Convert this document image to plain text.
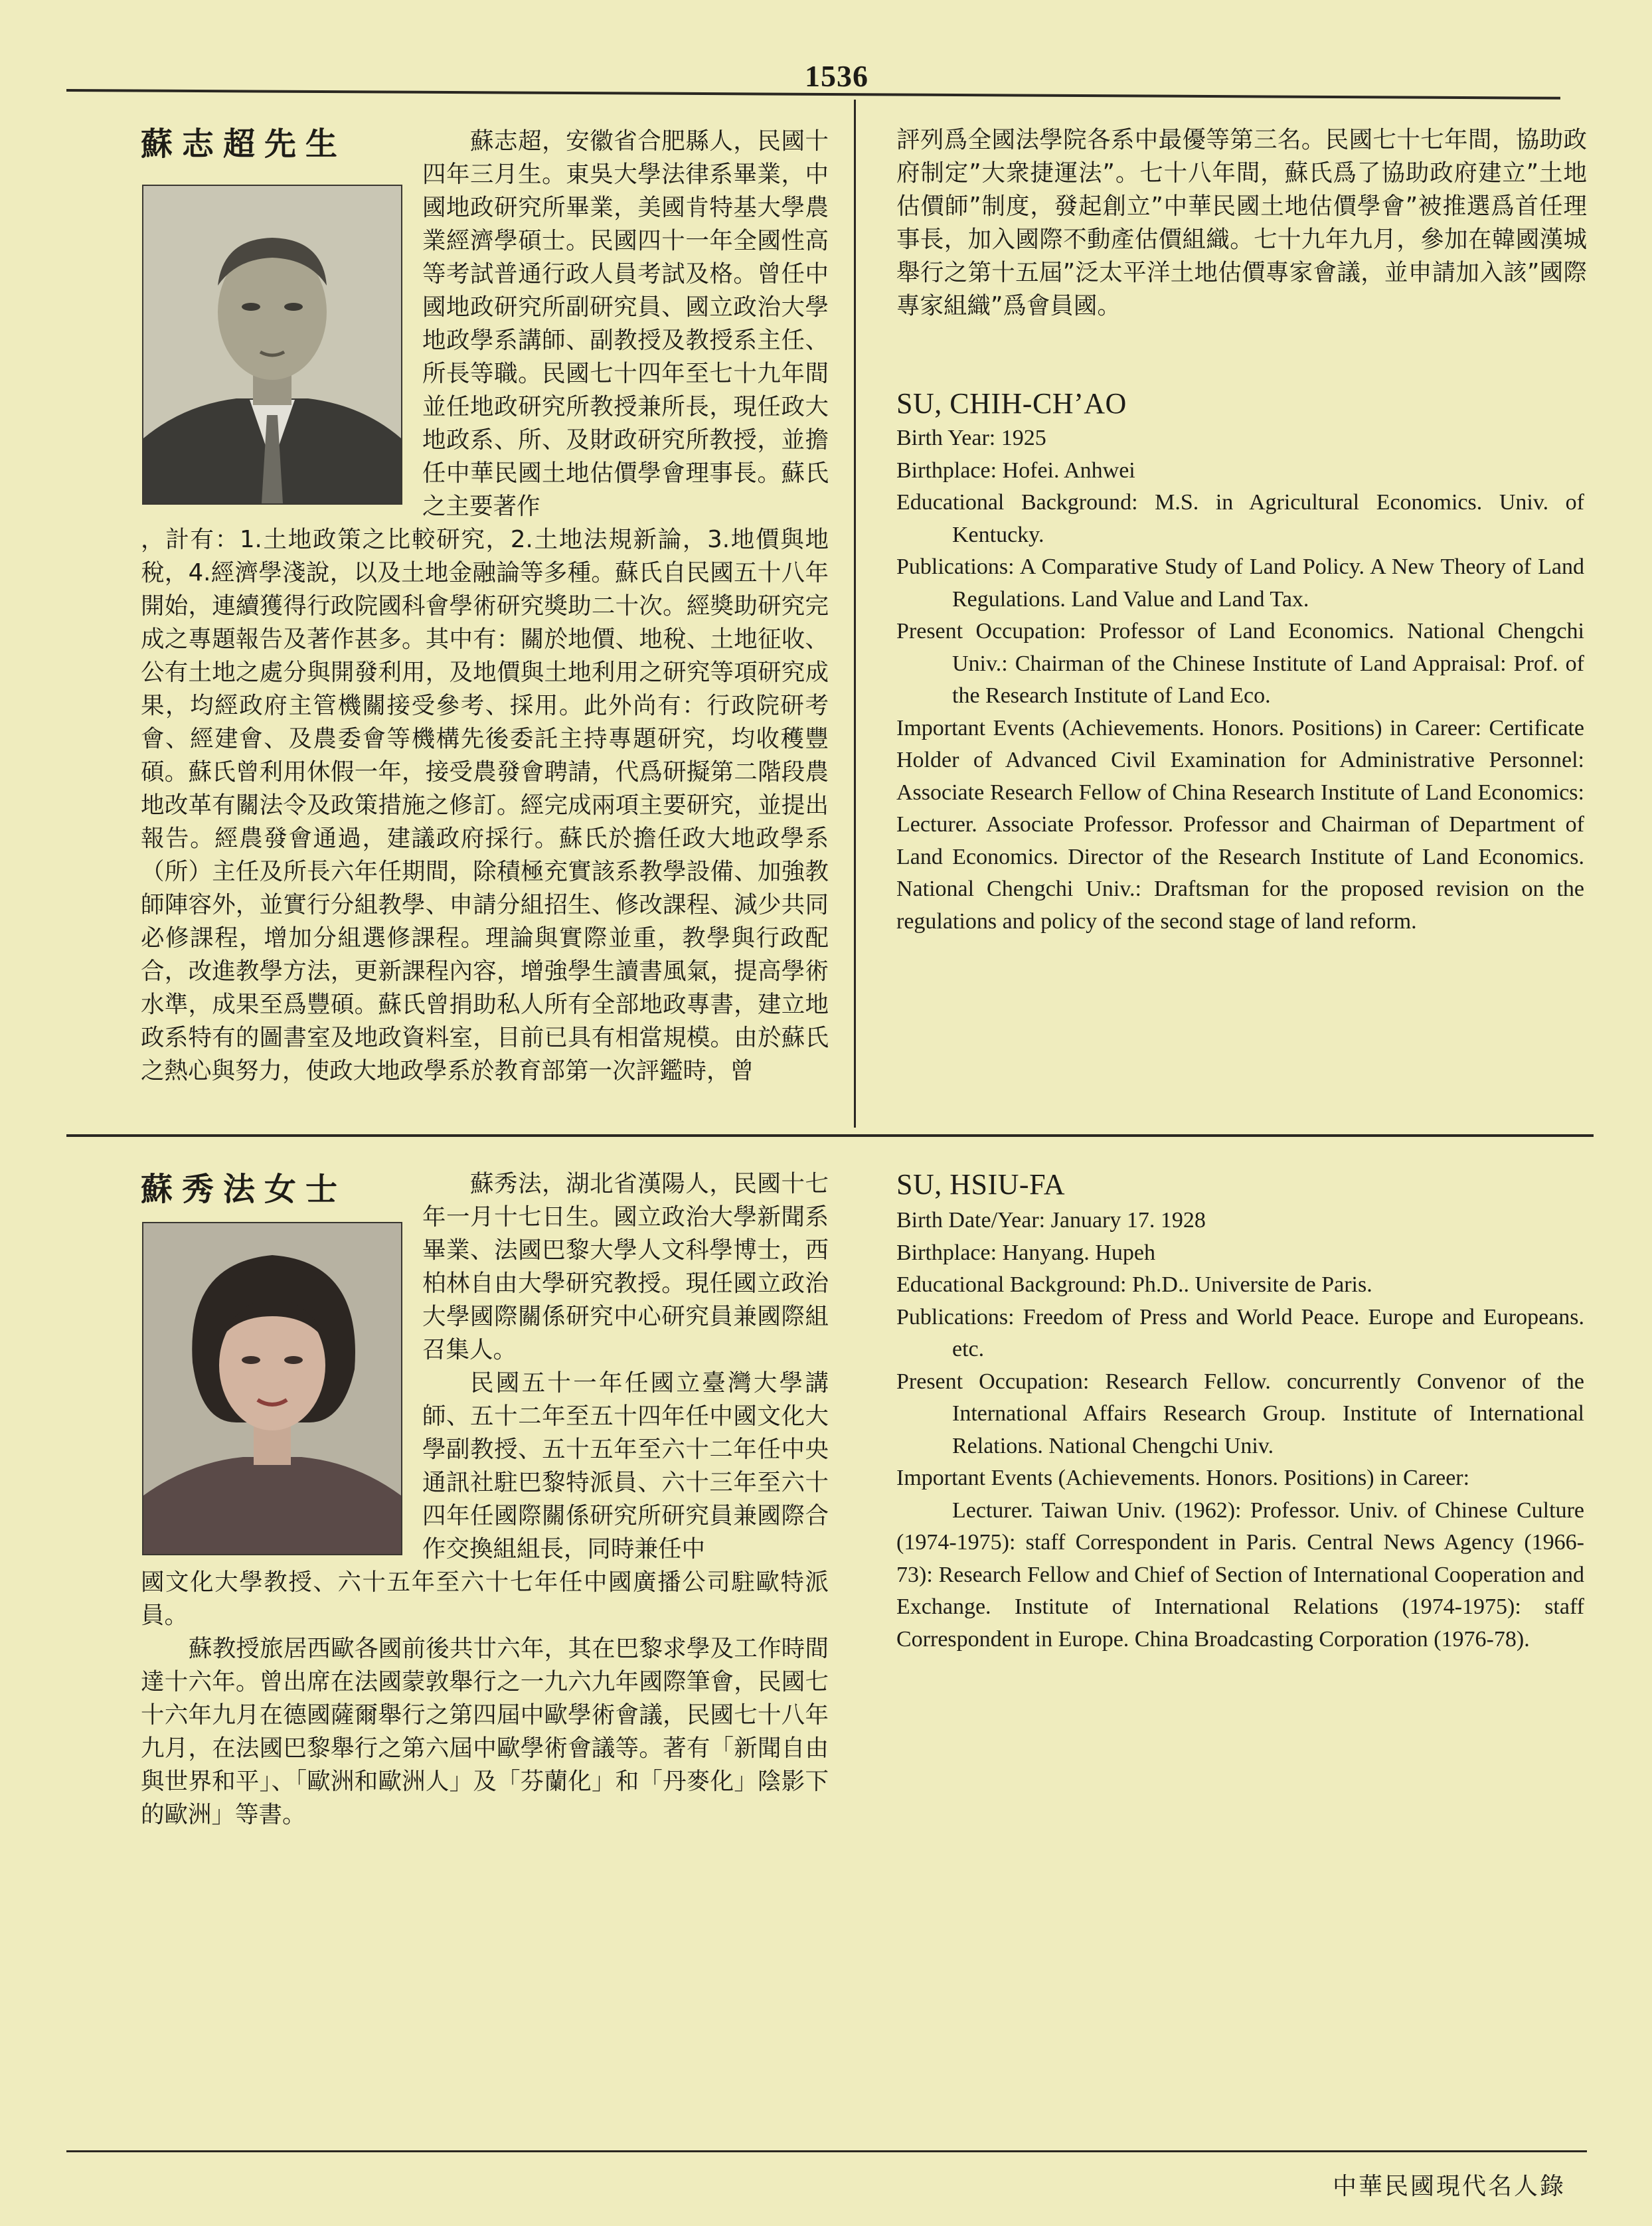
1536
蘇志超先生	蘇志超，安徽省合肥縣人，民國十四年三月生。東吳大學法律系畢業，中國地政研究所畢業，美國肯特基大學農業經濟學碩士。民國四十一年全國性高等考試普通行政人員考試及格。曾任中國地政研究所副研究員、國立政治大學地政學系講師、副教授及教授系主任、所長等職。民國七十四年至七十九年間並任地政研究所教授兼所長，現任政大地政系、所、及財政研究所教授，並擔任中華民國土地估價學會理事長。蘇氏之主要著作
，計有：1.土地政策之比較研究，2.土地法規新論，3.地價與地稅，4.經濟學淺說，以及土地金融論等多種。蘇氏自民國五十八年開始，連續獲得行政院國科會學術研究獎助二十次。經獎助研究完成之專題報告及著作甚多。其中有：關於地價、地稅、土地征收、公有土地之處分與開發利用，及地價與土地利用之研究等項研究成果，均經政府主管機關接受參考、採用。此外尚有：行政院研考會、經建會、及農委會等機構先後委託主持專題研究，均收穫豐碩。蘇氏曾利用休假一年，接受農發會聘請，代爲研擬第二階段農地改革有關法令及政策措施之修訂。經完成兩項主要研究，並提出報告。經農發會通過，建議政府採行。蘇氏於擔任政大地政學系（所）主任及所長六年任期間，除積極充實該系教學設備、加強教師陣容外，並實行分組教學、申請分組招生、修改課程、減少共同必修課程，增加分組選修課程。理論與實際並重，教學與行政配合，改進教學方法，更新課程內容，增強學生讀書風氣，提高學術水準，成果至爲豐碩。蘇氏曾捐助私人所有全部地政專書，建立地政系特有的圖書室及地政資料室，目前已具有相當規模。由於蘇氏之熱心與努力，使政大地政學系於教育部第一次評鑑時，曾
評列爲全國法學院各系中最優等第三名。民國七十七年間，協助政府制定”大衆捷運法”。七十八年間，蘇氏爲了協助政府建立”土地估價師”制度，發起創立”中華民國土地估價學會”被推選爲首任理事長，加入國際不動產估價組織。七十九年九月，參加在韓國漢城舉行之第十五屆”泛太平洋土地估價專家會議，並申請加入該”國際專家組織”爲會員國。
SU, CHIH-CH’AO

Birth Year: 1925

Birthplace: Hofei. Anhwei

Educational Background: M.S. in Agricultural Economics. Univ. of Kentucky.

Publications: A Comparative Study of Land Policy. A New Theory of Land Regulations. Land Value and Land Tax.

Present Occupation: Professor of Land Economics. National Chengchi Univ.: Chairman of the Chinese Institute of Land Appraisal: Prof. of the Research Institute of Land Eco.

Important Events (Achievements. Honors. Positions) in Career: Certificate Holder of Advanced Civil Examination for Administrative Personnel: Associate Research Fellow of China Research Institute of Land Economics: Lecturer. Associate Professor. Professor and Chairman of Department of Land Economics. Director of the Research Institute of Land Economics. National Chengchi Univ.: Draftsman for the proposed revision on the regulations and policy of the second stage of land reform.

蘇秀法女士	蘇秀法，湖北省漢陽人，民國十七年一月十七日生。國立政治大學新聞系畢業、法國巴黎大學人文科學博士，西柏林自由大學研究教授。現任國立政治大學國際關係研究中心研究員兼國際組召集人。
民國五十一年任國立臺灣大學講師、五十二年至五十四年任中國文化大學副教授、五十五年至六十二年任中央通訊社駐巴黎特派員、六十三年至六十四年任國際關係研究所研究員兼國際合作交換組組長，同時兼任中
國文化大學教授、六十五年至六十七年任中國廣播公司駐歐特派員。
蘇教授旅居西歐各國前後共廿六年，其在巴黎求學及工作時間達十六年。曾出席在法國蒙敦舉行之一九六九年國際筆會，民國七十六年九月在德國薩爾舉行之第四屆中歐學術會議，民國七十八年九月，在法國巴黎舉行之第六屆中歐學術會議等。著有「新聞自由與世界和平」、「歐洲和歐洲人」及「芬蘭化」和「丹麥化」陰影下的歐洲」等書。
SU, HSIU-FA

Birth Date/Year: January 17. 1928

Birthplace: Hanyang. Hupeh

Educational Background: Ph.D.. Universite de Paris.

Publications: Freedom of Press and World Peace. Europe and Europeans. etc.

Present Occupation: Research Fellow. concurrently Convenor of the International Affairs Research Group. Institute of International Relations. National Chengchi Univ.

Important Events (Achievements. Honors. Positions) in Career:

Lecturer. Taiwan Univ. (1962): Professor. Univ. of Chinese Culture (1974-1975): staff Correspondent in Paris. Central News Agency (1966-73): Research Fellow and Chief of Section of International Cooperation and Exchange. Institute of International Relations (1974-1975): staff Correspondent in Europe. China Broadcasting Corporation (1976-78).

中華民國現代名人錄
